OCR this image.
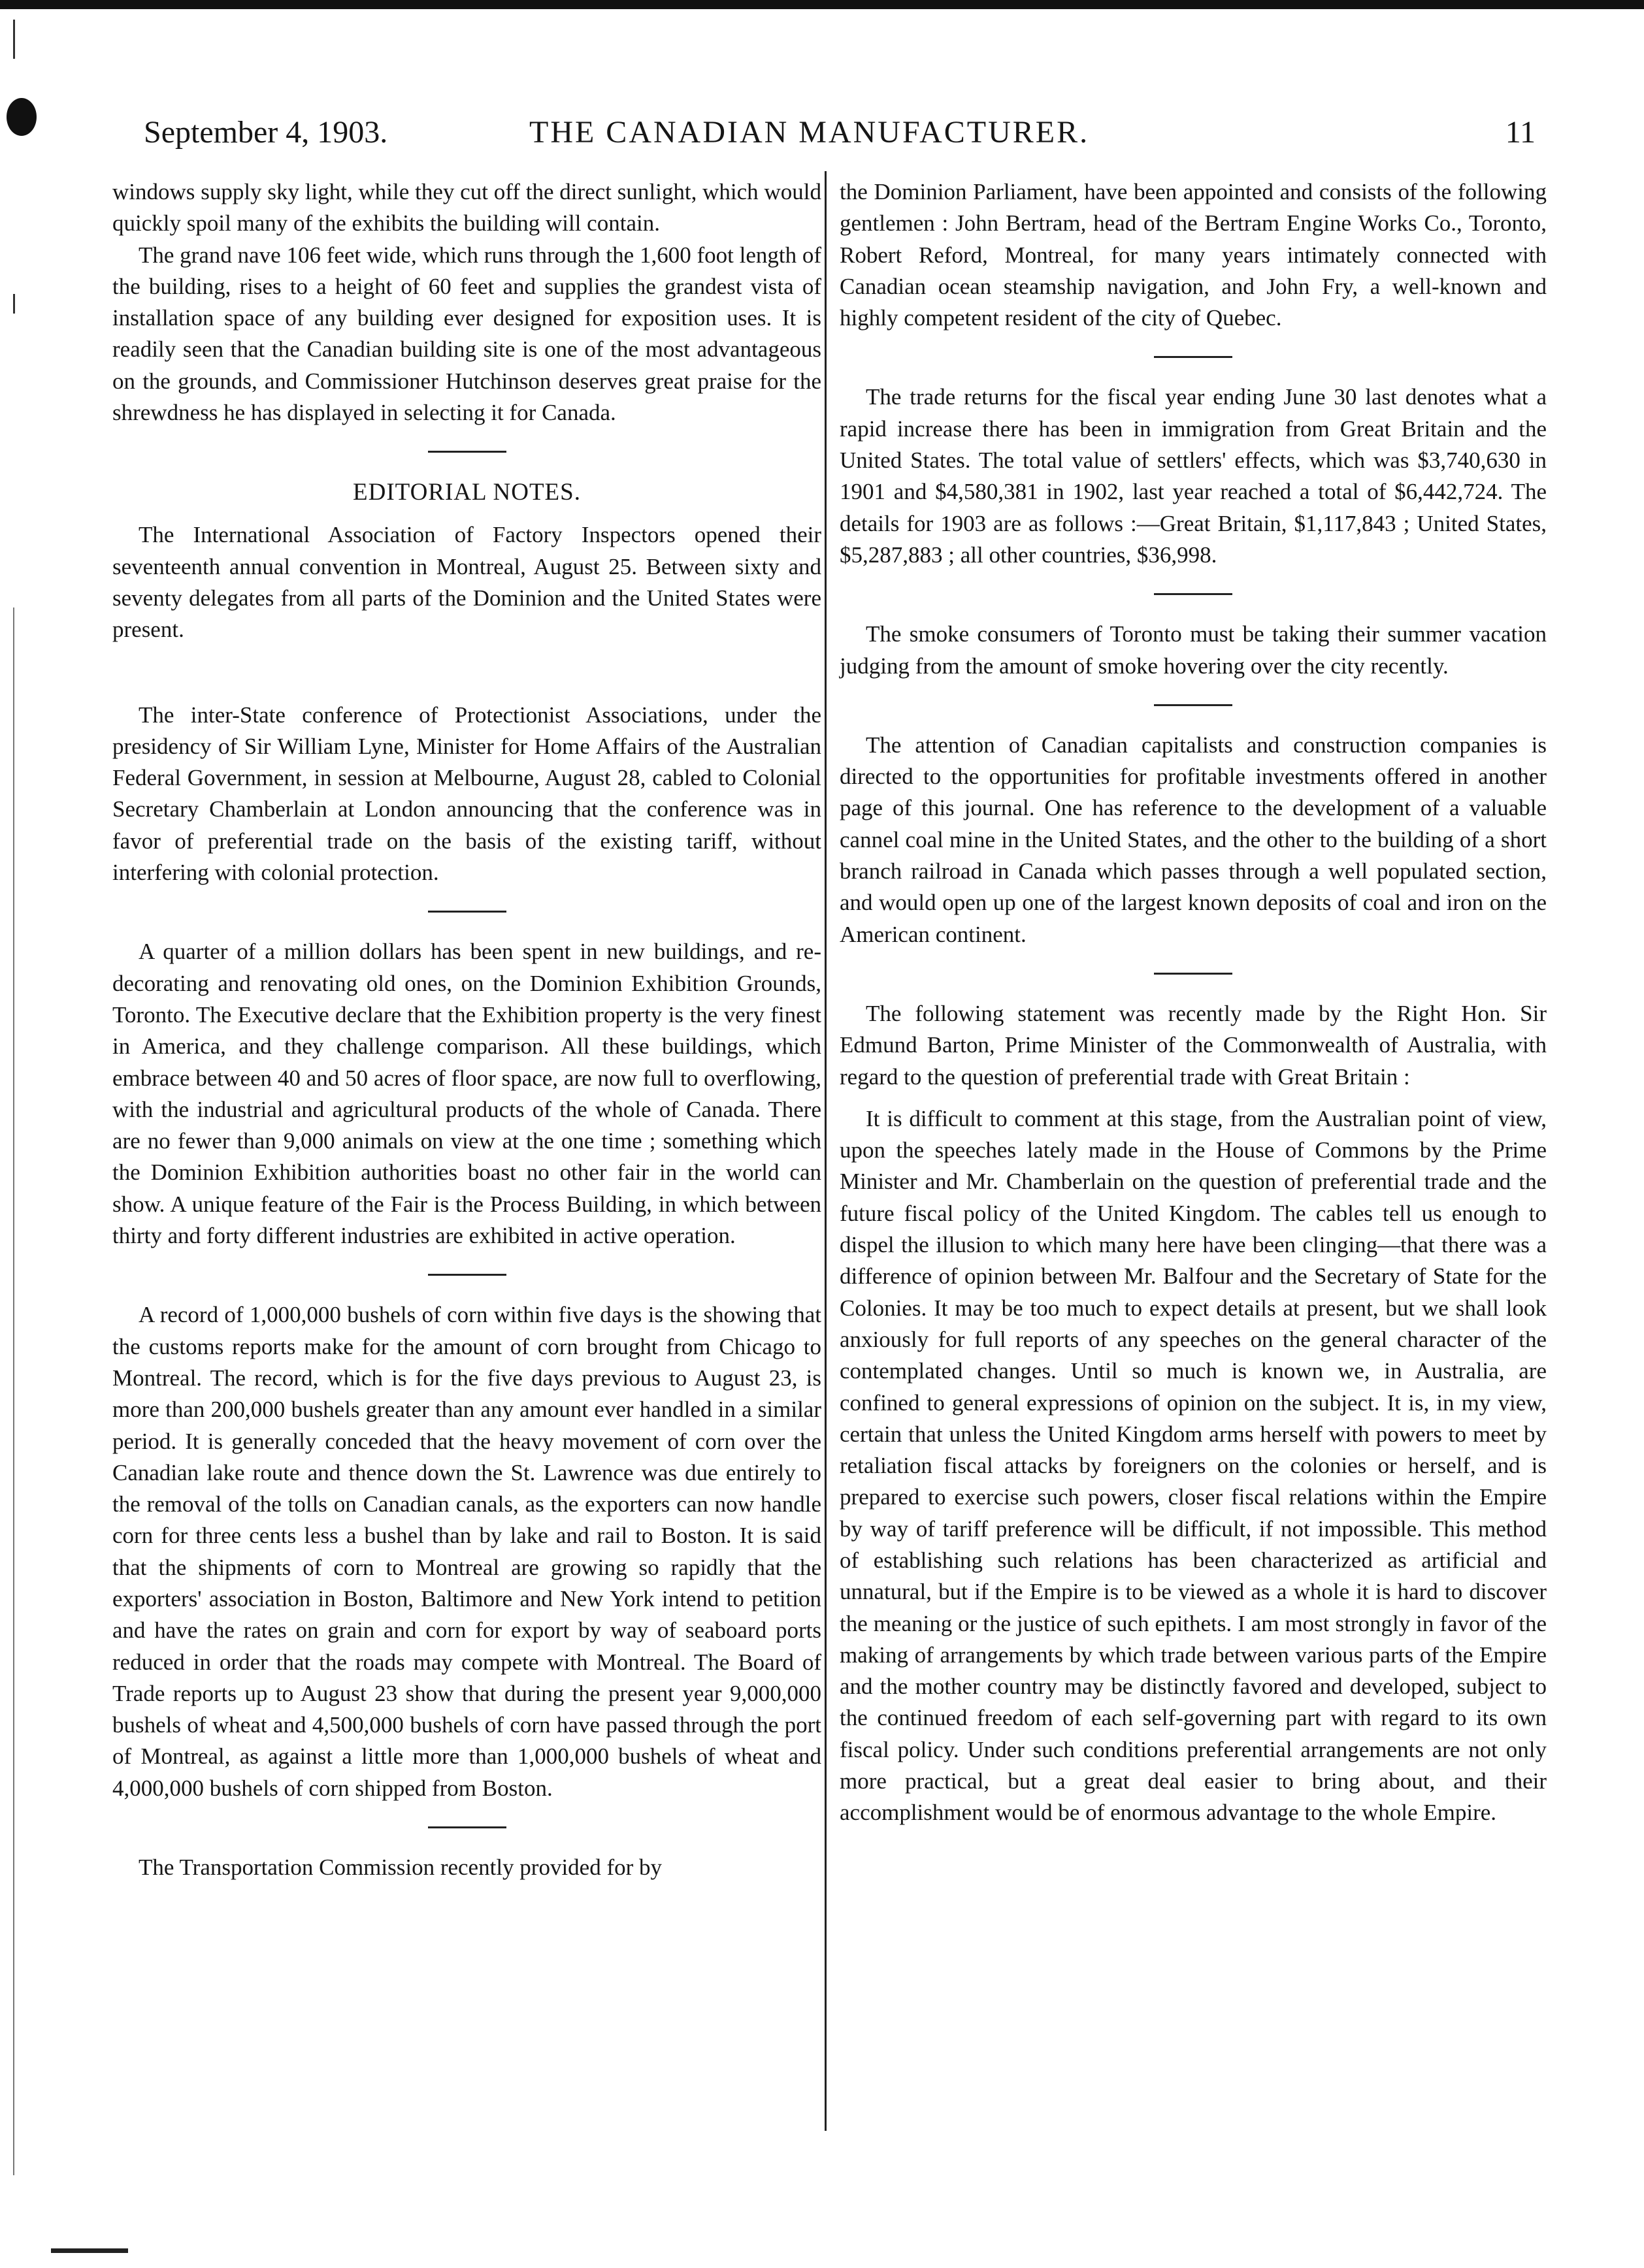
September 4, 1903.	THE CANADIAN MANUFACTURER.	11

windows supply sky light, while they cut off the direct sunlight, which would quickly spoil many of the exhibits the building will contain.

The grand nave 106 feet wide, which runs through the 1,600 foot length of the building, rises to a height of 60 feet and supplies the grandest vista of installation space of any building ever designed for exposition uses. It is readily seen that the Canadian building site is one of the most advantageous on the grounds, and Commissioner Hutchinson deserves great praise for the shrewdness he has displayed in selecting it for Canada.

EDITORIAL NOTES.

The International Association of Factory Inspectors opened their seventeenth annual convention in Montreal, August 25. Between sixty and seventy delegates from all parts of the Dominion and the United States were present.

The inter-State conference of Protectionist Associations, under the presidency of Sir William Lyne, Minister for Home Affairs of the Australian Federal Government, in session at Melbourne, August 28, cabled to Colonial Secretary Chamberlain at London announcing that the conference was in favor of preferential trade on the basis of the existing tariff, without interfering with colonial protection.

A quarter of a million dollars has been spent in new buildings, and re-decorating and renovating old ones, on the Dominion Exhibition Grounds, Toronto. The Executive declare that the Exhibition property is the very finest in America, and they challenge comparison. All these buildings, which embrace between 40 and 50 acres of floor space, are now full to overflowing, with the industrial and agricultural products of the whole of Canada. There are no fewer than 9,000 animals on view at the one time ; something which the Dominion Exhibition authorities boast no other fair in the world can show. A unique feature of the Fair is the Process Building, in which between thirty and forty different industries are exhibited in active operation.

A record of 1,000,000 bushels of corn within five days is the showing that the customs reports make for the amount of corn brought from Chicago to Montreal. The record, which is for the five days previous to August 23, is more than 200,000 bushels greater than any amount ever handled in a similar period. It is generally conceded that the heavy movement of corn over the Canadian lake route and thence down the St. Lawrence was due entirely to the removal of the tolls on Canadian canals, as the exporters can now handle corn for three cents less a bushel than by lake and rail to Boston. It is said that the shipments of corn to Montreal are growing so rapidly that the exporters' association in Boston, Baltimore and New York intend to petition and have the rates on grain and corn for export by way of seaboard ports reduced in order that the roads may compete with Montreal. The Board of Trade reports up to August 23 show that during the present year 9,000,000 bushels of wheat and 4,500,000 bushels of corn have passed through the port of Montreal, as against a little more than 1,000,000 bushels of wheat and 4,000,000 bushels of corn shipped from Boston.

The Transportation Commission recently provided for by

the Dominion Parliament, have been appointed and consists of the following gentlemen : John Bertram, head of the Bertram Engine Works Co., Toronto, Robert Reford, Montreal, for many years intimately connected with Canadian ocean steamship navigation, and John Fry, a well-known and highly competent resident of the city of Quebec.

The trade returns for the fiscal year ending June 30 last denotes what a rapid increase there has been in immigration from Great Britain and the United States. The total value of settlers' effects, which was $3,740,630 in 1901 and $4,580,381 in 1902, last year reached a total of $6,442,724. The details for 1903 are as follows :—Great Britain, $1,117,843 ; United States, $5,287,883 ; all other countries, $36,998.

The smoke consumers of Toronto must be taking their summer vacation judging from the amount of smoke hovering over the city recently.

The attention of Canadian capitalists and construction companies is directed to the opportunities for profitable investments offered in another page of this journal. One has reference to the development of a valuable cannel coal mine in the United States, and the other to the building of a short branch railroad in Canada which passes through a well populated section, and would open up one of the largest known deposits of coal and iron on the American continent.

The following statement was recently made by the Right Hon. Sir Edmund Barton, Prime Minister of the Commonwealth of Australia, with regard to the question of preferential trade with Great Britain :

It is difficult to comment at this stage, from the Australian point of view, upon the speeches lately made in the House of Commons by the Prime Minister and Mr. Chamberlain on the question of preferential trade and the future fiscal policy of the United Kingdom. The cables tell us enough to dispel the illusion to which many here have been clinging—that there was a difference of opinion between Mr. Balfour and the Secretary of State for the Colonies. It may be too much to expect details at present, but we shall look anxiously for full reports of any speeches on the general character of the contemplated changes. Until so much is known we, in Australia, are confined to general expressions of opinion on the subject. It is, in my view, certain that unless the United Kingdom arms herself with powers to meet by retaliation fiscal attacks by foreigners on the colonies or herself, and is prepared to exercise such powers, closer fiscal relations within the Empire by way of tariff preference will be difficult, if not impossible. This method of establishing such relations has been characterized as artificial and unnatural, but if the Empire is to be viewed as a whole it is hard to discover the meaning or the justice of such epithets. I am most strongly in favor of the making of arrangements by which trade between various parts of the Empire and the mother country may be distinctly favored and developed, subject to the continued freedom of each self-governing part with regard to its own fiscal policy. Under such conditions preferential arrangements are not only more practical, but a great deal easier to bring about, and their accomplishment would be of enormous advantage to the whole Empire.
